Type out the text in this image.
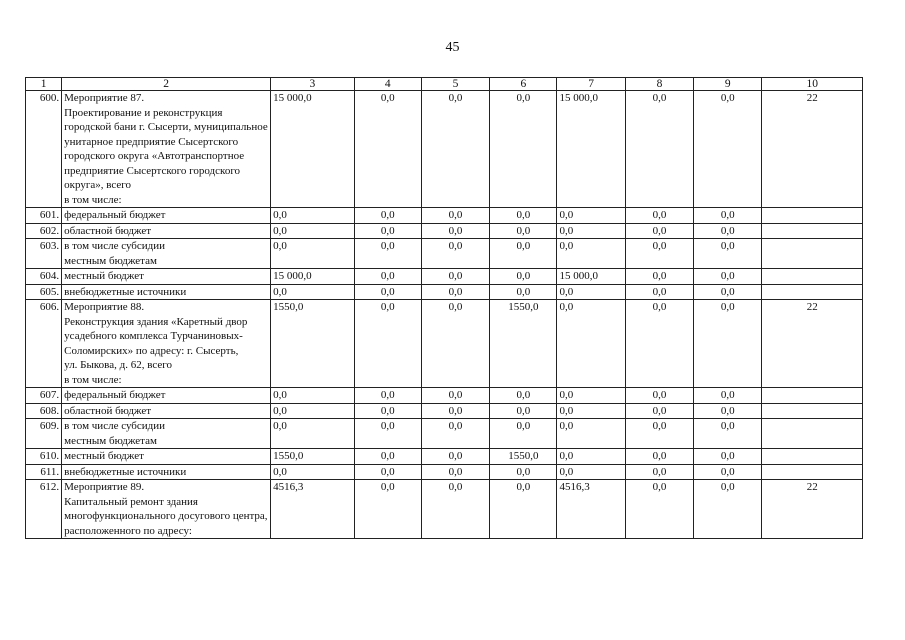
45
1	2	3	4	5	6	7	8	9	10
600.	Мероприятие 87.
Проектирование и реконструкция городской бани г. Сысерти, муниципальное унитарное предприятие Сысертского городского округа «Автотранспортное предприятие Сысертского городского округа», всего
в том числе:	15 000,0	0,0	0,0	0,0	15 000,0	0,0	0,0	22
601.	федеральный бюджет	0,0	0,0	0,0	0,0	0,0	0,0	0,0	
602.	областной бюджет	0,0	0,0	0,0	0,0	0,0	0,0	0,0	
603.	в том числе субсидии
местным бюджетам	0,0	0,0	0,0	0,0	0,0	0,0	0,0	
604.	местный бюджет	15 000,0	0,0	0,0	0,0	15 000,0	0,0	0,0	
605.	внебюджетные источники	0,0	0,0	0,0	0,0	0,0	0,0	0,0	
606.	Мероприятие 88.
Реконструкция здания «Каретный двор усадебного комплекса Турчаниновых-Соломирских» по адресу: г. Сысерть,
ул. Быкова, д. 62, всего
в том числе:	1550,0	0,0	0,0	1550,0	0,0	0,0	0,0	22
607.	федеральный бюджет	0,0	0,0	0,0	0,0	0,0	0,0	0,0	
608.	областной бюджет	0,0	0,0	0,0	0,0	0,0	0,0	0,0	
609.	в том числе субсидии
местным бюджетам	0,0	0,0	0,0	0,0	0,0	0,0	0,0	
610.	местный бюджет	1550,0	0,0	0,0	1550,0	0,0	0,0	0,0	
611.	внебюджетные источники	0,0	0,0	0,0	0,0	0,0	0,0	0,0	
612.	Мероприятие 89.
Капитальный ремонт здания многофункционального досугового центра, расположенного по адресу:	4516,3	0,0	0,0	0,0	4516,3	0,0	0,0	22
